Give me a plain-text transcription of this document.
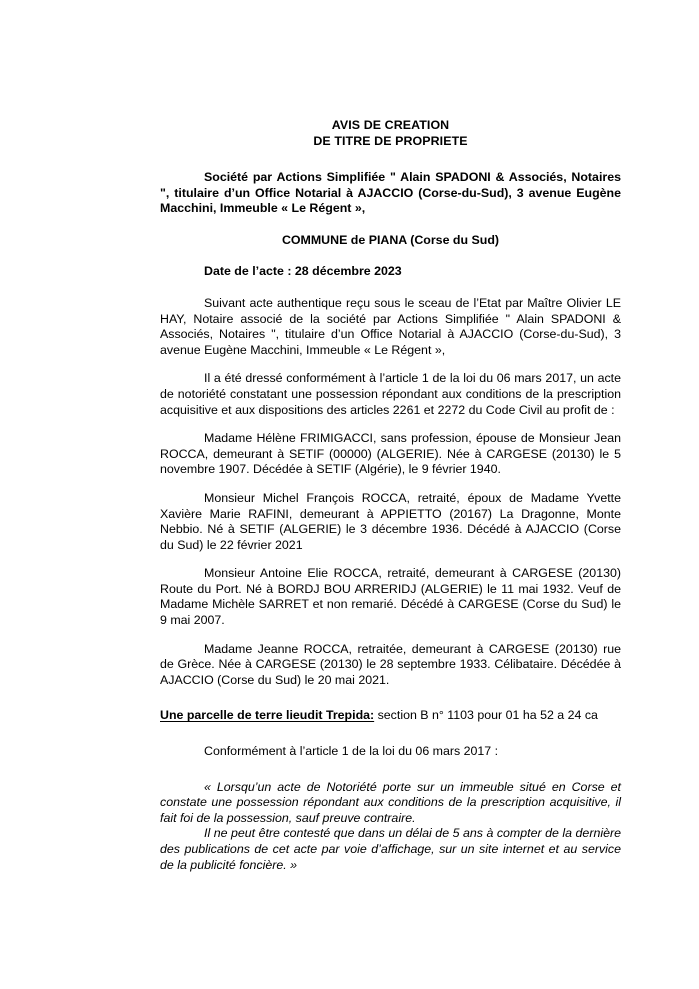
AVIS DE CREATION
DE TITRE DE PROPRIETE

Société par Actions Simplifiée " Alain SPADONI & Associés, Notaires ", titulaire d’un Office Notarial à AJACCIO (Corse-du-Sud), 3 avenue Eugène Macchini, Immeuble « Le Régent »,

COMMUNE de PIANA (Corse du Sud)
Date de l’acte : 28 décembre 2023

Suivant acte authentique reçu sous le sceau de l’Etat par Maître Olivier LE HAY, Notaire associé de la société par Actions Simplifiée " Alain SPADONI & Associés, Notaires ", titulaire d’un Office Notarial à AJACCIO (Corse-du-Sud), 3 avenue Eugène Macchini, Immeuble « Le Régent »,

Il a été dressé conformément à l’article 1 de la loi du 06 mars 2017, un acte de notoriété constatant une possession répondant aux conditions de la prescription acquisitive et aux dispositions des articles 2261 et 2272 du Code Civil au profit de :

Madame Hélène FRIMIGACCI, sans profession, épouse de Monsieur Jean ROCCA, demeurant à SETIF (00000) (ALGERIE). Née à CARGESE (20130) le 5 novembre 1907. Décédée à SETIF (Algérie), le 9 février 1940.

Monsieur Michel François ROCCA, retraité, époux de Madame Yvette Xavière Marie RAFINI, demeurant à APPIETTO (20167) La Dragonne, Monte Nebbio. Né à SETIF (ALGERIE) le 3 décembre 1936. Décédé à AJACCIO (Corse du Sud) le 22 février 2021

Monsieur Antoine Elie ROCCA, retraité, demeurant à CARGESE (20130) Route du Port. Né à BORDJ BOU ARRERIDJ (ALGERIE) le 11 mai 1932. Veuf de Madame Michèle SARRET et non remarié. Décédé à CARGESE (Corse du Sud) le 9 mai 2007.

Madame Jeanne ROCCA, retraitée, demeurant à CARGESE (20130) rue de Grèce. Née à CARGESE (20130) le 28 septembre 1933. Célibataire. Décédée à AJACCIO (Corse du Sud) le 20 mai 2021.

Une parcelle de terre lieudit Trepida: section B n° 1103 pour 01 ha 52 a 24 ca

Conformément à l’article 1 de la loi du 06 mars 2017 :

« Lorsqu’un acte de Notoriété porte sur un immeuble situé en Corse et constate une possession répondant aux conditions de la prescription acquisitive, il fait foi de la possession, sauf preuve contraire.

Il ne peut être contesté que dans un délai de 5 ans à compter de la dernière des publications de cet acte par voie d’affichage, sur un site internet et au service de la publicité foncière. »
